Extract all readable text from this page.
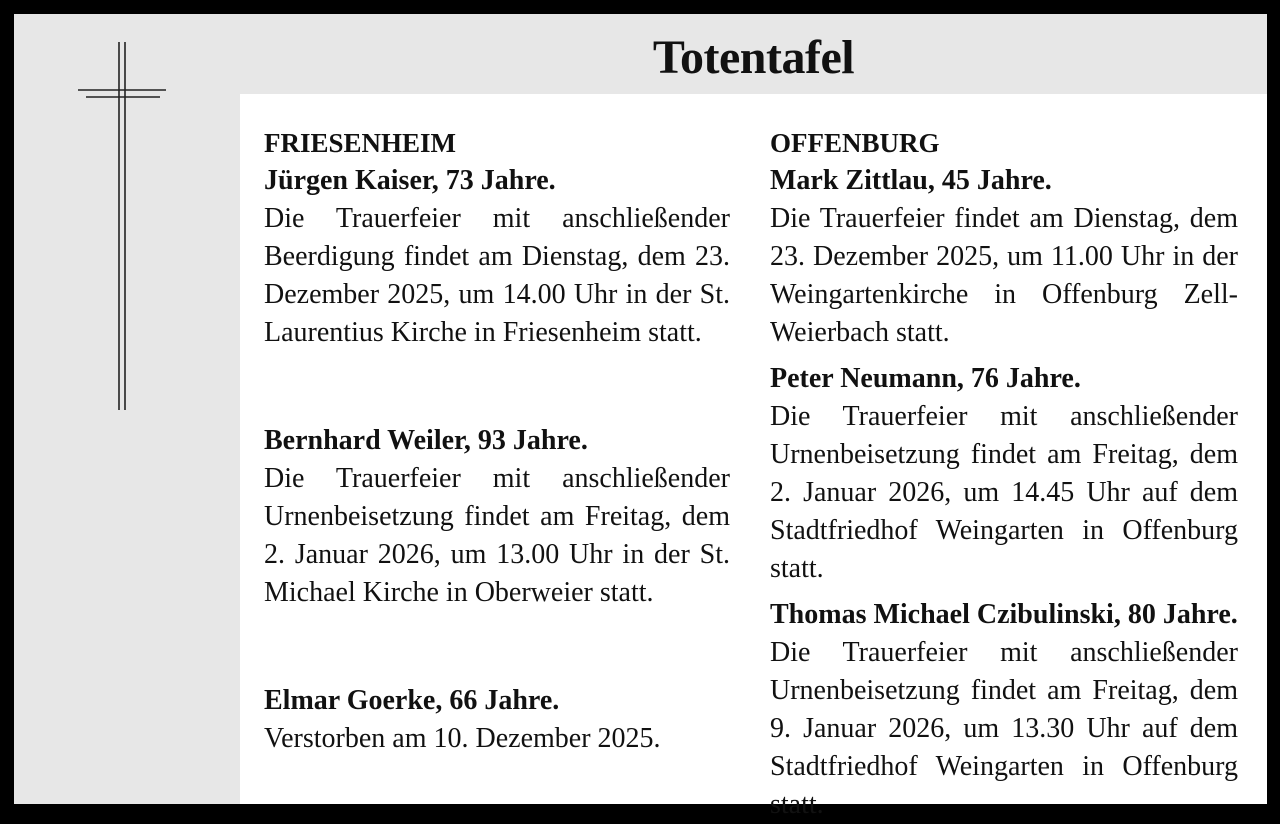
Totentafel
FRIESENHEIM
Jürgen Kaiser, 73 Jahre.
Die Trauerfeier mit anschließender Beerdigung findet am Dienstag, dem 23. Dezember 2025, um 14.00 Uhr in der St. Laurentius Kirche in Friesenheim statt.
Bernhard Weiler, 93 Jahre.
Die Trauerfeier mit anschließender Urnenbeisetzung findet am Freitag, dem 2. Januar 2026, um 13.00 Uhr in der St. Michael Kirche in Oberweier statt.
Elmar Goerke, 66 Jahre.
Verstorben am 10. Dezember 2025.
OFFENBURG
Mark Zittlau, 45 Jahre.
Die Trauerfeier findet am Dienstag, dem 23. Dezember 2025, um 11.00 Uhr in der Weingartenkirche in Offenburg Zell-Weierbach statt.
Peter Neumann, 76 Jahre.
Die Trauerfeier mit anschließender Urnenbeisetzung findet am Freitag, dem 2. Januar 2026, um 14.45 Uhr auf dem Stadtfriedhof Weingarten in Offenburg statt.
Thomas Michael Czibulinski, 80 Jahre.
Die Trauerfeier mit anschließender Urnenbeisetzung findet am Freitag, dem 9. Januar 2026, um 13.30 Uhr auf dem Stadtfriedhof Weingarten in Offenburg statt.
